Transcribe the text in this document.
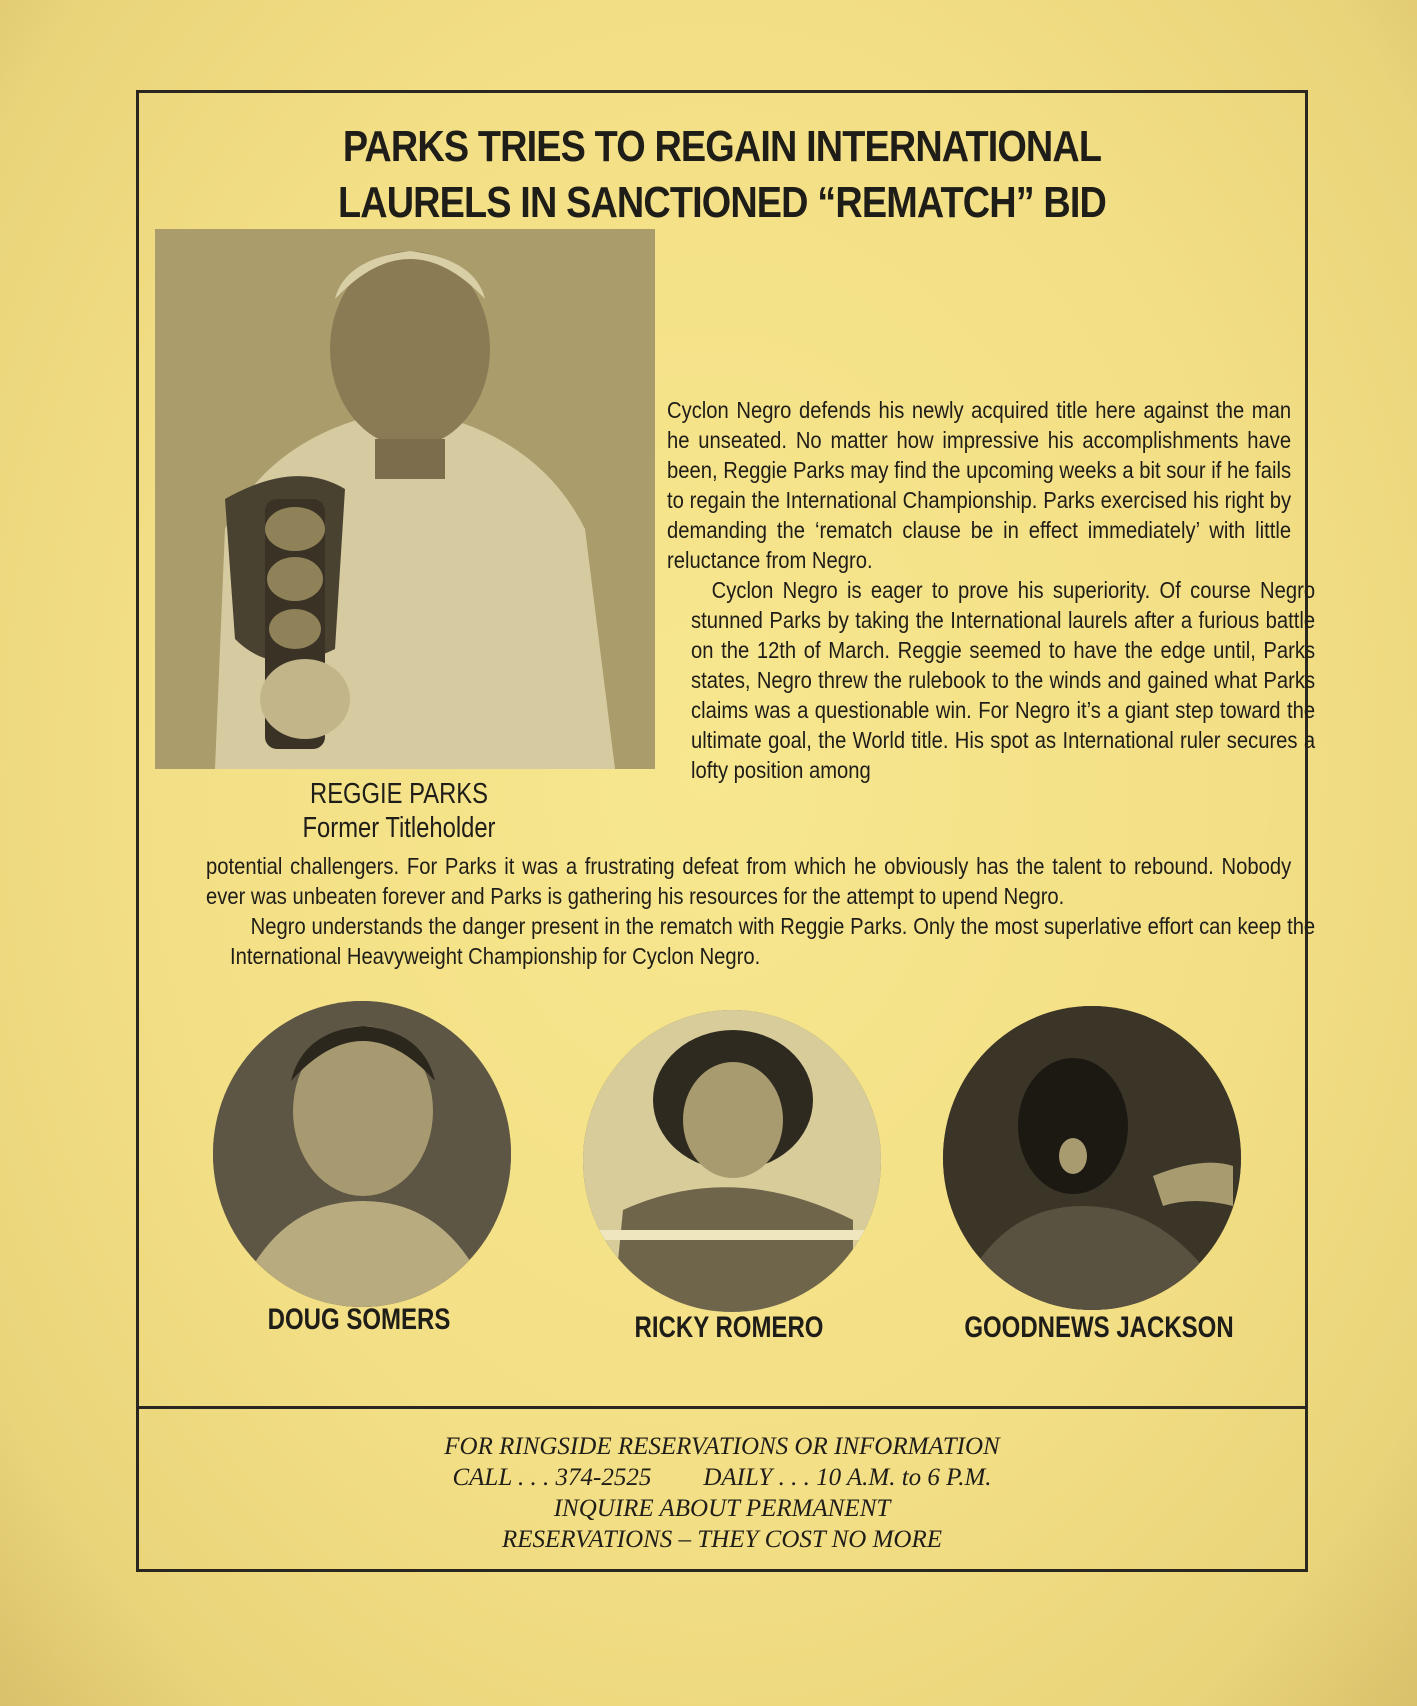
PARKS TRIES TO REGAIN INTERNATIONAL
LAURELS IN SANCTIONED “REMATCH” BID
REGGIE PARKS
Former Titleholder

Cyclon Negro defends his newly acquired title here against the man he unseated. No matter how impressive his accomplishments have been, Reggie Parks may find the upcoming weeks a bit sour if he fails to regain the International Championship. Parks exercised his right by demanding the ‘rematch clause be in effect immediately’ with little reluctance from Negro.

Cyclon Negro is eager to prove his superiority. Of course Negro stunned Parks by taking the International laurels after a furious battle on the 12th of March. Reggie seemed to have the edge until, Parks states, Negro threw the rulebook to the winds and gained what Parks claims was a questionable win. For Negro it’s a giant step toward the ultimate goal, the World title. His spot as International ruler secures a lofty position among

potential challengers. For Parks it was a frustrating defeat from which he obviously has the talent to rebound. Nobody ever was unbeaten forever and Parks is gathering his resources for the attempt to upend Negro.

Negro understands the danger present in the rematch with Reggie Parks. Only the most superlative effort can keep the International Heavyweight Championship for Cyclon Negro.

DOUG SOMERS	RICKY ROMERO	GOODNEWS JACKSON
FOR RINGSIDE RESERVATIONS OR INFORMATION
CALL . . . 374-2525 DAILY . . . 10 A.M. to 6 P.M.
INQUIRE ABOUT PERMANENT
RESERVATIONS – THEY COST NO MORE
